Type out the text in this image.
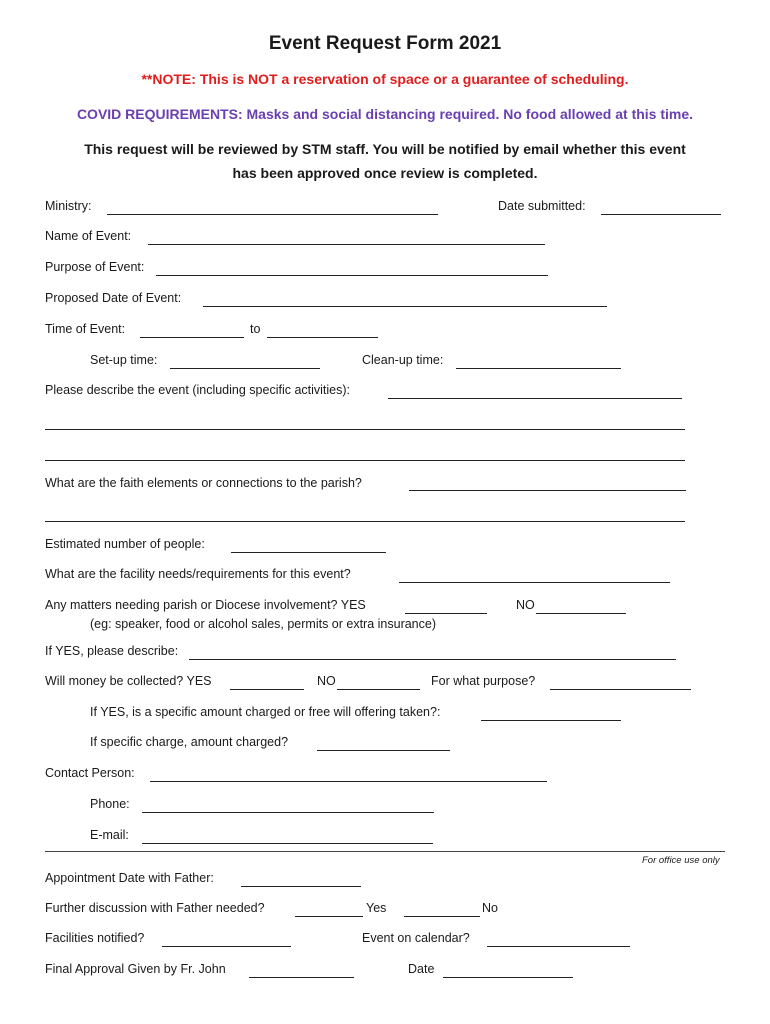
Event Request Form 2021
**NOTE: This is NOT a reservation of space or a guarantee of scheduling.
COVID REQUIREMENTS: Masks and social distancing required. No food allowed at this time.
This request will be reviewed by STM staff. You will be notified by email whether this event
has been approved once review is completed.
Ministry:	Date submitted:
Name of Event:
Purpose of Event:
Proposed Date of Event:
Time of Event:	to
Set-up time:	Clean-up time:
Please describe the event (including specific activities):
What are the faith elements or connections to the parish?
Estimated number of people:
What are the facility needs/requirements for this event?
Any matters needing parish or Diocese involvement? YES	NO
(eg: speaker, food or alcohol sales, permits or extra insurance)
If YES, please describe:
Will money be collected? YES	NO	For what purpose?
If YES, is a specific amount charged or free will offering taken?:
If specific charge, amount charged?
Contact Person:
Phone:
E-mail:
For office use only
Appointment Date with Father:
Further discussion with Father needed?	Yes	No
Facilities notified?	Event on calendar?
Final Approval Given by Fr. John	Date
